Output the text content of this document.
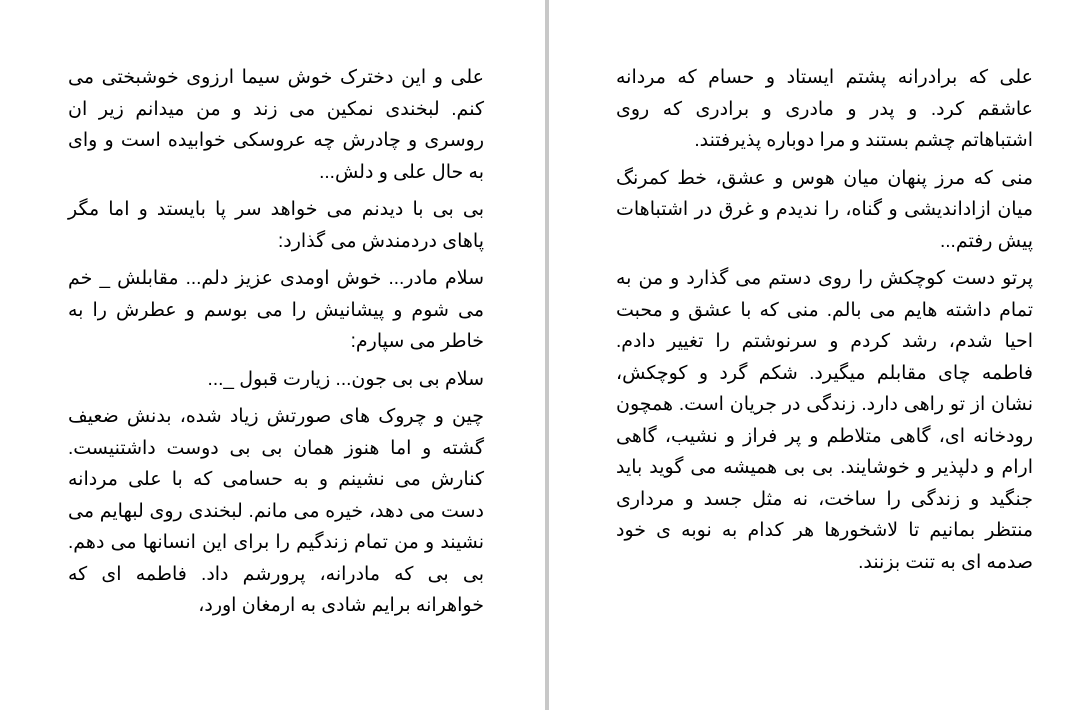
علی و این دخترک خوش سیما ارزوی خوشبختی می کنم. لبخندی نمکین می زند و من میدانم زیر ان روسری و چادرش چه عروسکی خوابیده است و وای به حال علی و دلش...

بی بی با دیدنم می خواهد سر پا بایستد و اما مگر پاهای دردمندش می گذارد:

سلام مادر... خوش اومدی عزیز دلم... مقابلش _ خم می شوم و پیشانیش را می بوسم و عطرش را به خاطر می سپارم:

سلام بی بی جون... زیارت قبول _...

چین و چروک های صورتش زیاد شده، بدنش ضعیف گشته و اما هنوز همان بی بی دوست داشتنیست. کنارش می نشینم و به حسامی که با علی مردانه دست می دهد، خیره می مانم. لبخندی روی لبهایم می نشیند و من تمام زندگیم را برای این انسانها می دهم. بی بی که مادرانه، پرورشم داد. فاطمه ای که خواهرانه برایم شادی به ارمغان اورد،

علی که برادرانه پشتم ایستاد و حسام که مردانه عاشقم کرد. و پدر و مادری و برادری که روی اشتباهاتم چشم بستند و مرا دوباره پذیرفتند.

منی که مرز پنهان میان هوس و عشق، خط کمرنگ میان ازاداندیشی و گناه، را ندیدم و غرق در اشتباهات پیش رفتم...

پرتو دست کوچکش را روی دستم می گذارد و من به تمام داشته هایم می بالم. منی که با عشق و محبت احیا شدم، رشد کردم و سرنوشتم را تغییر دادم. فاطمه چای مقابلم میگیرد. شکم گرد و کوچکش، نشان از تو راهی دارد. زندگی در جریان است. همچون رودخانه ای، گاهی متلاطم و پر فراز و نشیب، گاهی ارام و دلپذیر و خوشایند. بی بی همیشه می گوید باید جنگید و زندگی را ساخت، نه مثل جسد و مرداری منتظر بمانیم تا لاشخورها هر کدام به نوبه ی خود صدمه ای به تنت بزنند.
